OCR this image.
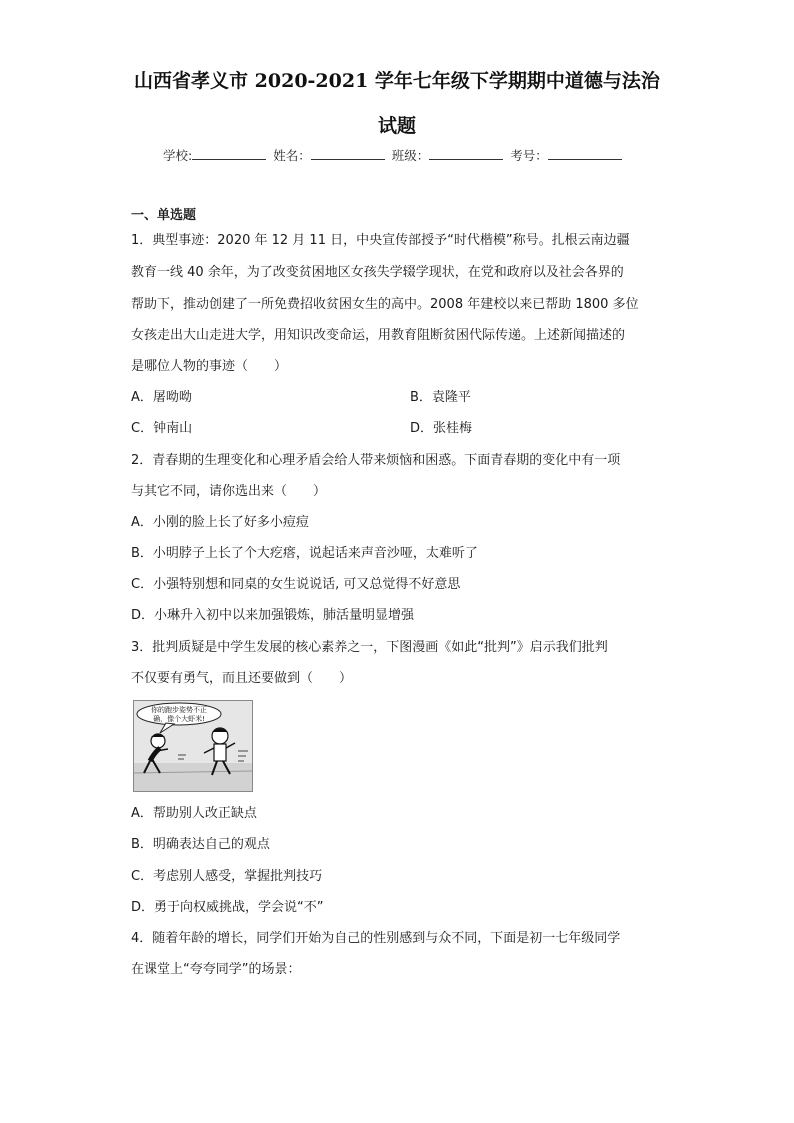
山西省孝义市 2020-2021 学年七年级下学期期中道德与法治
试题
学校:	姓名：	班级：	考号：
一、单选题
1．典型事迹：2020 年 12 月 11 日，中央宣传部授予“时代楷模”称号。扎根云南边疆
教育一线 40 余年，为了改变贫困地区女孩失学辍学现状，在党和政府以及社会各界的
帮助下，推动创建了一所免费招收贫困女生的高中。2008 年建校以来已帮助 1800 多位
女孩走出大山走进大学，用知识改变命运，用教育阻断贫困代际传递。上述新闻描述的
是哪位人物的事迹（　　）
A．屠呦呦	B．袁隆平
C．钟南山	D．张桂梅
2．青春期的生理变化和心理矛盾会给人带来烦恼和困惑。下面青春期的变化中有一项
与其它不同，请你选出来（　　）
A．小刚的脸上长了好多小痘痘
B．小明脖子上长了个大疙瘩，说起话来声音沙哑，太难听了
C．小强特别想和同桌的女生说说话, 可又总觉得不好意思
D．小琳升入初中以来加强锻炼，肺活量明显增强
3．批判质疑是中学生发展的核心素养之一，下图漫画《如此“批判”》启示我们批判
不仅要有勇气，而且还要做到（　　）
你的跑步姿势不正
确，像个大虾米!
A．帮助别人改正缺点
B．明确表达自己的观点
C．考虑别人感受，掌握批判技巧
D．勇于向权威挑战，学会说“不”
4．随着年龄的增长，同学们开始为自己的性别感到与众不同，下面是初一七年级同学
在课堂上“夸夸同学”的场景：
